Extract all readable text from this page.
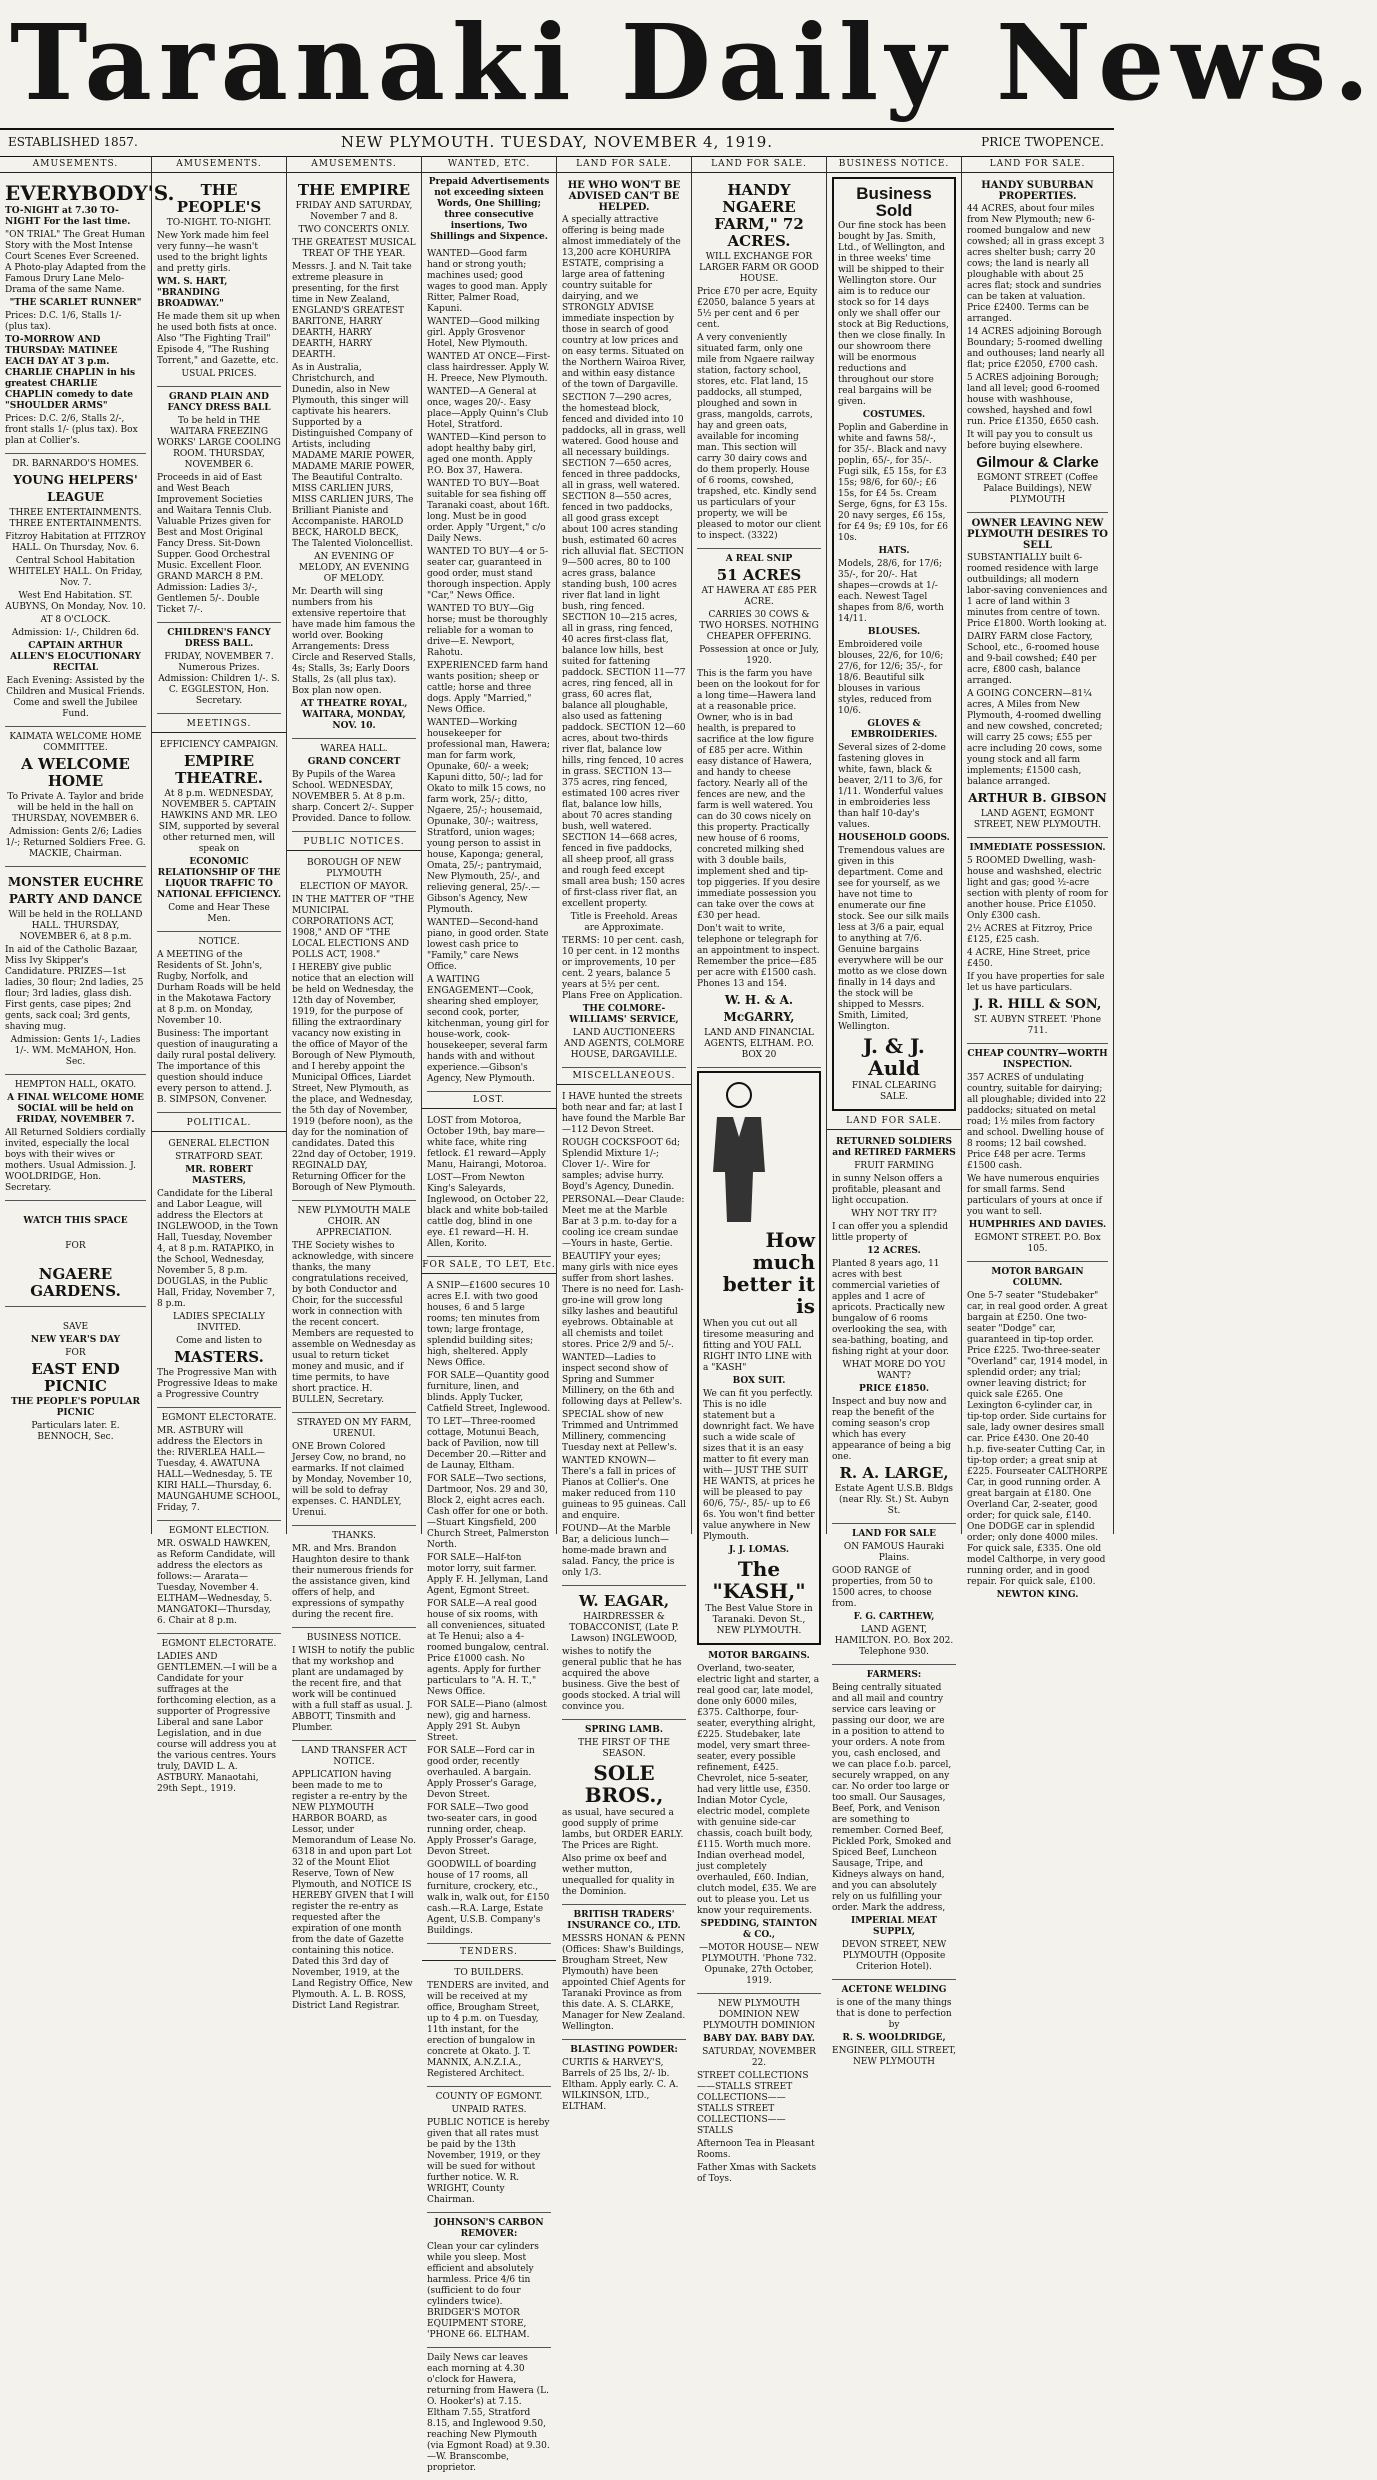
Taranaki Daily News.
ESTABLISHED 1857.	NEW PLYMOUTH. TUESDAY, NOVEMBER 4, 1919.	PRICE TWOPENCE.
AMUSEMENTS.
EVERYBODY'S.

TO-NIGHT at 7.30 TO-NIGHT For the last time.

"ON TRIAL" The Great Human Story with the Most Intense Court Scenes Ever Screened. A Photo-play Adapted from the Famous Drury Lane Melo-Drama of the same Name.

"THE SCARLET RUNNER"

Prices: D.C. 1/6, Stalls 1/- (plus tax).

TO-MORROW AND THURSDAY: MATINEE EACH DAY AT 3 p.m. CHARLIE CHAPLIN in his greatest CHARLIE CHAPLIN comedy to date "SHOULDER ARMS"

Prices: D.C. 2/6, Stalls 2/-, front stalls 1/- (plus tax). Box plan at Collier's.

DR. BARNARDO'S HOMES.

YOUNG HELPERS' LEAGUE

THREE ENTERTAINMENTS. THREE ENTERTAINMENTS.

Fitzroy Habitation at FITZROY HALL. On Thursday, Nov. 6.

Central School Habitation WHITELEY HALL. On Friday, Nov. 7.

West End Habitation. ST. AUBYNS, On Monday, Nov. 10.

AT 8 O'CLOCK.

Admission: 1/-, Children 6d.

CAPTAIN ARTHUR ALLEN'S ELOCUTIONARY RECITAL

Each Evening: Assisted by the Children and Musical Friends. Come and swell the Jubilee Fund.

KAIMATA WELCOME HOME COMMITTEE.

A WELCOME HOME

To Private A. Taylor and bride will be held in the hall on THURSDAY, NOVEMBER 6.

Admission: Gents 2/6; Ladies 1/-; Returned Soldiers Free. G. MACKIE, Chairman.

MONSTER EUCHRE PARTY AND DANCE

Will be held in the ROLLAND HALL. THURSDAY, NOVEMBER 6, at 8 p.m.

In aid of the Catholic Bazaar, Miss Ivy Skipper's Candidature. PRIZES—1st ladies, 30 flour; 2nd ladies, 25 flour; 3rd ladies, glass dish. First gents, case pipes; 2nd gents, sack coal; 3rd gents, shaving mug.

Admission: Gents 1/-, Ladies 1/-. WM. McMAHON, Hon. Sec.

HEMPTON HALL, OKATO.

A FINAL WELCOME HOME SOCIAL will be held on FRIDAY, NOVEMBER 7.

All Returned Soldiers cordially invited, especially the local boys with their wives or mothers. Usual Admission. J. WOOLDRIDGE, Hon. Secretary.

WATCH THIS SPACE

FOR

NGAERE GARDENS.

SAVE

NEW YEAR'S DAY

FOR

EAST END PICNIC

THE PEOPLE'S POPULAR PICNIC

Particulars later. E. BENNOCH, Sec.

AMUSEMENTS.
THE PEOPLE'S

TO-NIGHT. TO-NIGHT.

New York made him feel very funny—he wasn't used to the bright lights and pretty girls.

WM. S. HART, "BRANDING BROADWAY."

He made them sit up when he used both fists at once. Also "The Fighting Trail" Episode 4, "The Rushing Torrent," and Gazette, etc.

USUAL PRICES.

GRAND PLAIN AND FANCY DRESS BALL

To be held in THE WAITARA FREEZING WORKS' LARGE COOLING ROOM. THURSDAY, NOVEMBER 6.

Proceeds in aid of East and West Beach Improvement Societies and Waitara Tennis Club. Valuable Prizes given for Best and Most Original Fancy Dress. Sit-Down Supper. Good Orchestral Music. Excellent Floor. GRAND MARCH 8 P.M. Admission: Ladies 3/-, Gentlemen 5/-. Double Ticket 7/-.

CHILDREN'S FANCY DRESS BALL.

FRIDAY, NOVEMBER 7. Numerous Prizes. Admission: Children 1/-. S. C. EGGLESTON, Hon. Secretary.

MEETINGS.

EFFICIENCY CAMPAIGN.

EMPIRE THEATRE.

At 8 p.m. WEDNESDAY, NOVEMBER 5. CAPTAIN HAWKINS AND MR. LEO SIM, supported by several other returned men, will speak on

ECONOMIC RELATIONSHIP OF THE LIQUOR TRAFFIC TO NATIONAL EFFICIENCY.

Come and Hear These Men.

NOTICE.

A MEETING of the Residents of St. John's, Rugby, Norfolk, and Durham Roads will be held in the Makotawa Factory at 8 p.m. on Monday, November 10.

Business: The important question of inaugurating a daily rural postal delivery. The importance of this question should induce every person to attend. J. B. SIMPSON, Convener.

POLITICAL.

GENERAL ELECTION

STRATFORD SEAT.

MR. ROBERT MASTERS,

Candidate for the Liberal and Labor League, will address the Electors at INGLEWOOD, in the Town Hall, Tuesday, November 4, at 8 p.m. RATAPIKO, in the School, Wednesday, November 5, 8 p.m. DOUGLAS, in the Public Hall, Friday, November 7, 8 p.m.

LADIES SPECIALLY INVITED.

Come and listen to

MASTERS.

The Progressive Man with Progressive Ideas to make a Progressive Country

EGMONT ELECTORATE.

MR. ASTBURY will address the Electors in the: RIVERLEA HALL—Tuesday, 4. AWATUNA HALL—Wednesday, 5. TE KIRI HALL—Thursday, 6. MAUNGAHUME SCHOOL, Friday, 7.

EGMONT ELECTION.

MR. OSWALD HAWKEN, as Reform Candidate, will address the electors as follows:— Ararata—Tuesday, November 4. ELTHAM—Wednesday, 5. MANGATOKI—Thursday, 6. Chair at 8 p.m.

EGMONT ELECTORATE.

LADIES AND GENTLEMEN.—I will be a Candidate for your suffrages at the forthcoming election, as a supporter of Progressive Liberal and sane Labor Legislation, and in due course will address you at the various centres. Yours truly, DAVID L. A. ASTBURY. Manaotahi, 29th Sept., 1919.

AMUSEMENTS.
THE EMPIRE

FRIDAY AND SATURDAY, November 7 and 8.

TWO CONCERTS ONLY.

THE GREATEST MUSICAL TREAT OF THE YEAR.

Messrs. J. and N. Tait take extreme pleasure in presenting, for the first time in New Zealand, ENGLAND'S GREATEST BARITONE, HARRY DEARTH, HARRY DEARTH, HARRY DEARTH.

As in Australia, Christchurch, and Dunedin, also in New Plymouth, this singer will captivate his hearers. Supported by a Distinguished Company of Artists, including MADAME MARIE POWER, MADAME MARIE POWER, The Beautiful Contralto. MISS CARLIEN JURS, MISS CARLIEN JURS, The Brilliant Pianiste and Accompaniste. HAROLD BECK, HAROLD BECK, The Talented Violoncellist.

AN EVENING OF MELODY, AN EVENING OF MELODY.

Mr. Dearth will sing numbers from his extensive repertoire that have made him famous the world over. Booking Arrangements: Dress Circle and Reserved Stalls, 4s; Stalls, 3s; Early Doors Stalls, 2s (all plus tax). Box plan now open.

AT THEATRE ROYAL, WAITARA, MONDAY, NOV. 10.

WAREA HALL.

GRAND CONCERT

By Pupils of the Warea School. WEDNESDAY, NOVEMBER 5. At 8 p.m. sharp. Concert 2/-. Supper Provided. Dance to follow.

PUBLIC NOTICES.

BOROUGH OF NEW PLYMOUTH

ELECTION OF MAYOR.

IN THE MATTER OF "THE MUNICIPAL CORPORATIONS ACT, 1908," AND OF "THE LOCAL ELECTIONS AND POLLS ACT, 1908."

I HEREBY give public notice that an election will be held on Wednesday, the 12th day of November, 1919, for the purpose of filling the extraordinary vacancy now existing in the office of Mayor of the Borough of New Plymouth, and I hereby appoint the Municipal Offices, Liardet Street, New Plymouth, as the place, and Wednesday, the 5th day of November, 1919 (before noon), as the day for the nomination of candidates. Dated this 22nd day of October, 1919. REGINALD DAY, Returning Officer for the Borough of New Plymouth.

NEW PLYMOUTH MALE CHOIR. AN APPRECIATION.

THE Society wishes to acknowledge, with sincere thanks, the many congratulations received, by both Conductor and Choir, for the successful work in connection with the recent concert. Members are requested to assemble on Wednesday as usual to return ticket money and music, and if time permits, to have short practice. H. BULLEN, Secretary.

STRAYED ON MY FARM, URENUI.

ONE Brown Colored Jersey Cow, no brand, no earmarks. If not claimed by Monday, November 10, will be sold to defray expenses. C. HANDLEY, Urenui.

THANKS.

MR. and Mrs. Brandon Haughton desire to thank their numerous friends for the assistance given, kind offers of help, and expressions of sympathy during the recent fire.

BUSINESS NOTICE.

I WISH to notify the public that my workshop and plant are undamaged by the recent fire, and that work will be continued with a full staff as usual. J. ABBOTT, Tinsmith and Plumber.

LAND TRANSFER ACT NOTICE.

APPLICATION having been made to me to register a re-entry by the NEW PLYMOUTH HARBOR BOARD, as Lessor, under Memorandum of Lease No. 6318 in and upon part Lot 32 of the Mount Eliot Reserve, Town of New Plymouth, and NOTICE IS HEREBY GIVEN that I will register the re-entry as requested after the expiration of one month from the date of Gazette containing this notice. Dated this 3rd day of November, 1919, at the Land Registry Office, New Plymouth. A. L. B. ROSS, District Land Registrar.

WANTED, ETC.

Prepaid Advertisements not exceeding sixteen Words, One Shilling; three consecutive insertions, Two Shillings and Sixpence.

WANTED—Good farm hand or strong youth; machines used; good wages to good man. Apply Ritter, Palmer Road, Kapuni.

WANTED—Good milking girl. Apply Grosvenor Hotel, New Plymouth.

WANTED AT ONCE—First-class hairdresser. Apply W. H. Preece, New Plymouth.

WANTED—A General at once, wages 20/-. Easy place—Apply Quinn's Club Hotel, Stratford.

WANTED—Kind person to adopt healthy baby girl, aged one month. Apply P.O. Box 37, Hawera.

WANTED TO BUY—Boat suitable for sea fishing off Taranaki coast, about 16ft. long. Must be in good order. Apply "Urgent," c/o Daily News.

WANTED TO BUY—4 or 5-seater car, guaranteed in good order, must stand thorough inspection. Apply "Car," News Office.

WANTED TO BUY—Gig horse; must be thoroughly reliable for a woman to drive—E. Newport, Rahotu.

EXPERIENCED farm hand wants position; sheep or cattle; horse and three dogs. Apply "Married," News Office.

WANTED—Working housekeeper for professional man, Hawera; man for farm work, Opunake, 60/- a week; Kapuni ditto, 50/-; lad for Okato to milk 15 cows, no farm work, 25/-; ditto, Ngaere, 25/-; housemaid, Opunake, 30/-; waitress, Stratford, union wages; young person to assist in house, Kaponga; general, Omata, 25/-; pantrymaid, New Plymouth, 25/-, and relieving general, 25/-.—Gibson's Agency, New Plymouth.

WANTED—Second-hand piano, in good order. State lowest cash price to "Family," care News Office.

A WAITING ENGAGEMENT—Cook, shearing shed employer, second cook, porter, kitchenman, young girl for house-work, cook-housekeeper, several farm hands with and without experience.—Gibson's Agency, New Plymouth.

LOST.

LOST from Motoroa, October 19th, bay mare—white face, white ring fetlock. £1 reward—Apply Manu, Hairangi, Motoroa.

LOST—From Newton King's Saleyards, Inglewood, on October 22, black and white bob-tailed cattle dog, blind in one eye. £1 reward—H. H. Allen, Korito.

FOR SALE, TO LET, Etc.

A SNIP—£1600 secures 10 acres E.I. with two good houses, 6 and 5 large rooms; ten minutes from town; large frontage, splendid building sites; high, sheltered. Apply News Office.

FOR SALE—Quantity good furniture, linen, and blinds. Apply Tucker, Catfield Street, Inglewood.

TO LET—Three-roomed cottage, Motunui Beach, back of Pavilion, now till December 20.—Ritter and de Launay, Eltham.

FOR SALE—Two sections, Dartmoor, Nos. 29 and 30, Block 2, eight acres each. Cash offer for one or both.—Stuart Kingsfield, 200 Church Street, Palmerston North.

FOR SALE—Half-ton motor lorry, suit farmer. Apply F. H. Jellyman, Land Agent, Egmont Street.

FOR SALE—A real good house of six rooms, with all conveniences, situated at Te Henui; also a 4-roomed bungalow, central. Price £1000 cash. No agents. Apply for further particulars to "A. H. T.," News Office.

FOR SALE—Piano (almost new), gig and harness. Apply 291 St. Aubyn Street.

FOR SALE—Ford car in good order, recently overhauled. A bargain. Apply Prosser's Garage, Devon Street.

FOR SALE—Two good two-seater cars, in good running order, cheap. Apply Prosser's Garage, Devon Street.

GOODWILL of boarding house of 17 rooms, all furniture, crockery, etc., walk in, walk out, for £150 cash.—R.A. Large, Estate Agent, U.S.B. Company's Buildings.

TENDERS.

TO BUILDERS.

TENDERS are invited, and will be received at my office, Brougham Street, up to 4 p.m. on Tuesday, 11th instant, for the erection of bungalow in concrete at Okato. J. T. MANNIX, A.N.Z.I.A., Registered Architect.

COUNTY OF EGMONT.

UNPAID RATES.

PUBLIC NOTICE is hereby given that all rates must be paid by the 13th November, 1919, or they will be sued for without further notice. W. R. WRIGHT, County Chairman.

JOHNSON'S CARBON REMOVER:

Clean your car cylinders while you sleep. Most efficient and absolutely harmless. Price 4/6 tin (sufficient to do four cylinders twice). BRIDGER'S MOTOR EQUIPMENT STORE, 'PHONE 66. ELTHAM.

Daily News car leaves each morning at 4.30 o'clock for Hawera, returning from Hawera (L. O. Hooker's) at 7.15. Eltham 7.55, Stratford 8.15, and Inglewood 9.50, reaching New Plymouth (via Egmont Road) at 9.30.—W. Branscombe, proprietor.

LAND FOR SALE.

HE WHO WON'T BE ADVISED CAN'T BE HELPED.

A specially attractive offering is being made almost immediately of the 13,200 acre KOHURIPA ESTATE, comprising a large area of fattening country suitable for dairying, and we STRONGLY ADVISE immediate inspection by those in search of good country at low prices and on easy terms. Situated on the Northern Wairoa River, and within easy distance of the town of Dargaville.

SECTION 7—290 acres, the homestead block, fenced and divided into 10 paddocks, all in grass, well watered. Good house and all necessary buildings. SECTION 7—650 acres, fenced in three paddocks, all in grass, well watered. SECTION 8—550 acres, fenced in two paddocks, all good grass except about 100 acres standing bush, estimated 60 acres rich alluvial flat. SECTION 9—500 acres, 80 to 100 acres grass, balance standing bush, 100 acres river flat land in light bush, ring fenced. SECTION 10—215 acres, all in grass, ring fenced, 40 acres first-class flat, balance low hills, best suited for fattening paddock. SECTION 11—77 acres, ring fenced, all in grass, 60 acres flat, balance all ploughable, also used as fattening paddock. SECTION 12—60 acres, about two-thirds river flat, balance low hills, ring fenced, 10 acres in grass. SECTION 13—375 acres, ring fenced, estimated 100 acres river flat, balance low hills, about 70 acres standing bush, well watered. SECTION 14—668 acres, fenced in five paddocks, all sheep proof, all grass and rough feed except small area bush; 150 acres of first-class river flat, an excellent property.

Title is Freehold. Areas are Approximate.

TERMS: 10 per cent. cash, 10 per cent. in 12 months or improvements, 10 per cent. 2 years, balance 5 years at 5½ per cent. Plans Free on Application.

THE COLMORE-WILLIAMS' SERVICE,

LAND AUCTIONEERS AND AGENTS, COLMORE HOUSE, DARGAVILLE.

MISCELLANEOUS.

I HAVE hunted the streets both near and far; at last I have found the Marble Bar—112 Devon Street.

ROUGH COCKSFOOT 6d; Splendid Mixture 1/-; Clover 1/-. Wire for samples; advise hurry. Boyd's Agency, Dunedin.

PERSONAL—Dear Claude: Meet me at the Marble Bar at 3 p.m. to-day for a cooling ice cream sundae—Yours in haste, Gertie.

BEAUTIFY your eyes; many girls with nice eyes suffer from short lashes. There is no need for. Lash-gro-ine will grow long silky lashes and beautiful eyebrows. Obtainable at all chemists and toilet stores. Price 2/9 and 5/-.

WANTED—Ladies to inspect second show of Spring and Summer Millinery, on the 6th and following days at Pellew's.

SPECIAL show of new Trimmed and Untrimmed Millinery, commencing Tuesday next at Pellew's.

WANTED KNOWN—There's a fall in prices of Pianos at Collier's. One maker reduced from 110 guineas to 95 guineas. Call and enquire.

FOUND—At the Marble Bar, a delicious lunch—home-made brawn and salad. Fancy, the price is only 1/3.

W. EAGAR,

HAIRDRESSER & TOBACCONIST, (Late P. Lawson) INGLEWOOD,

wishes to notify the general public that he has acquired the above business. Give the best of goods stocked. A trial will convince you.

SPRING LAMB.

THE FIRST OF THE SEASON.

SOLE BROS.,

as usual, have secured a good supply of prime lambs, but ORDER EARLY. The Prices are Right.

Also prime ox beef and wether mutton, unequalled for quality in the Dominion.

BRITISH TRADERS' INSURANCE CO., LTD.

MESSRS HONAN & PENN (Offices: Shaw's Buildings, Brougham Street, New Plymouth) have been appointed Chief Agents for Taranaki Province as from this date. A. S. CLARKE, Manager for New Zealand. Wellington.

BLASTING POWDER:

CURTIS & HARVEY'S, Barrels of 25 lbs, 2/- lb. Eltham. Apply early. C. A. WILKINSON, LTD., ELTHAM.

LAND FOR SALE.
HANDY NGAERE FARM," 72 ACRES.

WILL EXCHANGE FOR LARGER FARM OR GOOD HOUSE.

Price £70 per acre, Equity £2050, balance 5 years at 5½ per cent and 6 per cent.

A very conveniently situated farm, only one mile from Ngaere railway station, factory school, stores, etc. Flat land, 15 paddocks, all stumped, ploughed and sown in grass, mangolds, carrots, hay and green oats, available for incoming man. This section will carry 30 dairy cows and do them properly. House of 6 rooms, cowshed, trapshed, etc. Kindly send us particulars of your property, we will be pleased to motor our client to inspect. (3322)

A REAL SNIP

51 ACRES

AT HAWERA AT £85 PER ACRE.

CARRIES 30 COWS & TWO HORSES. NOTHING CHEAPER OFFERING.

Possession at once or July, 1920.

This is the farm you have been on the lookout for for a long time—Hawera land at a reasonable price. Owner, who is in bad health, is prepared to sacrifice at the low figure of £85 per acre. Within easy distance of Hawera, and handy to cheese factory. Nearly all of the fences are new, and the farm is well watered. You can do 30 cows nicely on this property. Practically new house of 6 rooms, concreted milking shed with 3 double bails, implement shed and tip-top piggeries. If you desire immediate possession you can take over the cows at £30 per head.

Don't wait to write, telephone or telegraph for an appointment to inspect. Remember the price—£85 per acre with £1500 cash. Phones 13 and 154.

W. H. & A. McGARRY,

LAND AND FINANCIAL AGENTS, ELTHAM. P.O. BOX 20

How much better it is

When you cut out all tiresome measuring and fitting and YOU FALL RIGHT INTO LINE with a "KASH"

BOX SUIT.

We can fit you perfectly. This is no idle statement but a downright fact. We have such a wide scale of sizes that it is an easy matter to fit every man with— JUST THE SUIT HE WANTS, at prices he will be pleased to pay 60/6, 75/-, 85/- up to £6 6s. You won't find better value anywhere in New Plymouth.

J. J. LOMAS.

The "KASH,"

The Best Value Store in Taranaki. Devon St., NEW PLYMOUTH.

MOTOR BARGAINS.

Overland, two-seater, electric light and starter, a real good car, late model, done only 6000 miles, £375. Calthorpe, four-seater, everything alright, £225. Studebaker, late model, very smart three-seater, every possible refinement, £425. Chevrolet, nice 5-seater, had very little use, £350. Indian Motor Cycle, electric model, complete with genuine side-car chassis, coach built body, £115. Worth much more. Indian overhead model, just completely overhauled, £60. Indian, clutch model, £35. We are out to please you. Let us know your requirements.

SPEDDING, STAINTON & CO.,

—MOTOR HOUSE— NEW PLYMOUTH. 'Phone 732. Opunake, 27th October, 1919.

NEW PLYMOUTH DOMINION NEW PLYMOUTH DOMINION

BABY DAY. BABY DAY.

SATURDAY, NOVEMBER 22.

STREET COLLECTIONS——STALLS STREET COLLECTIONS——STALLS STREET COLLECTIONS——STALLS

Afternoon Tea in Pleasant Rooms.

Father Xmas with Sackets of Toys.

BUSINESS NOTICE.
Business Sold

Our fine stock has been bought by Jas. Smith, Ltd., of Wellington, and in three weeks' time will be shipped to their Wellington store. Our aim is to reduce our stock so for 14 days only we shall offer our stock at Big Reductions, then we close finally. In our showroom there will be enormous reductions and throughout our store real bargains will be given.

COSTUMES.

Poplin and Gaberdine in white and fawns 58/-, for 35/-. Black and navy poplin, 65/-, for 35/-. Fugi silk, £5 15s, for £3 15s; 98/6, for 60/-; £6 15s, for £4 5s. Cream Serge, 6gns, for £3 15s. 20 navy serges, £6 15s, for £4 9s; £9 10s, for £6 10s.

HATS.

Models, 28/6, for 17/6; 35/-, for 20/-. Hat shapes—crowds at 1/- each. Newest Tagel shapes from 8/6, worth 14/11.

BLOUSES.

Embroidered voile blouses, 22/6, for 10/6; 27/6, for 12/6; 35/-, for 18/6. Beautiful silk blouses in various styles, reduced from 10/6.

GLOVES & EMBROIDERIES.

Several sizes of 2-dome fastening gloves in white, fawn, black & beaver, 2/11 to 3/6, for 1/11. Wonderful values in embroideries less than half 10-day's values.

HOUSEHOLD GOODS.

Tremendous values are given in this department. Come and see for yourself, as we have not time to enumerate our fine stock. See our silk mails less at 3/6 a pair, equal to anything at 7/6. Genuine bargains everywhere will be our motto as we close down finally in 14 days and the stock will be shipped to Messrs. Smith, Limited, Wellington.

J. & J. Auld

FINAL CLEARING SALE.

LAND FOR SALE.

RETURNED SOLDIERS and RETIRED FARMERS

FRUIT FARMING

in sunny Nelson offers a profitable, pleasant and light occupation.

WHY NOT TRY IT?

I can offer you a splendid little property of

12 ACRES.

Planted 8 years ago, 11 acres with best commercial varieties of apples and 1 acre of apricots. Practically new bungalow of 6 rooms overlooking the sea, with sea-bathing, boating, and fishing right at your door.

WHAT MORE DO YOU WANT?

PRICE £1850.

Inspect and buy now and reap the benefit of the coming season's crop which has every appearance of being a big one.

R. A. LARGE,

Estate Agent U.S.B. Bldgs (near Rly. St.) St. Aubyn St.

LAND FOR SALE

ON FAMOUS Hauraki Plains.

GOOD RANGE of properties, from 50 to 1500 acres, to choose from.

F. G. CARTHEW,

LAND AGENT, HAMILTON. P.O. Box 202. Telephone 930.

FARMERS:

Being centrally situated and all mail and country service cars leaving or passing our door, we are in a position to attend to your orders. A note from you, cash enclosed, and we can place f.o.b. parcel, securely wrapped, on any car. No order too large or too small. Our Sausages, Beef, Pork, and Venison are something to remember. Corned Beef, Pickled Pork, Smoked and Spiced Beef, Luncheon Sausage, Tripe, and Kidneys always on hand, and you can absolutely rely on us fulfilling your order. Mark the address,

IMPERIAL MEAT SUPPLY,

DEVON STREET, NEW PLYMOUTH (Opposite Criterion Hotel).

ACETONE WELDING

is one of the many things that is done to perfection by

R. S. WOOLDRIDGE,

ENGINEER, GILL STREET, NEW PLYMOUTH

LAND FOR SALE.

HANDY SUBURBAN PROPERTIES.

44 ACRES, about four miles from New Plymouth; new 6-roomed bungalow and new cowshed; all in grass except 3 acres shelter bush; carry 20 cows; the land is nearly all ploughable with about 25 acres flat; stock and sundries can be taken at valuation. Price £2400. Terms can be arranged.

14 ACRES adjoining Borough Boundary; 5-roomed dwelling and outhouses; land nearly all flat; price £2050, £700 cash.

5 ACRES adjoining Borough; land all level; good 6-roomed house with washhouse, cowshed, hayshed and fowl run. Price £1350, £650 cash.

It will pay you to consult us before buying elsewhere.

Gilmour & Clarke

EGMONT STREET (Coffee Palace Buildings), NEW PLYMOUTH

OWNER LEAVING NEW PLYMOUTH DESIRES TO SELL

SUBSTANTIALLY built 6-roomed residence with large outbuildings; all modern labor-saving conveniences and 1 acre of land within 3 minutes from centre of town. Price £1800. Worth looking at.

DAIRY FARM close Factory, School, etc., 6-roomed house and 9-bail cowshed; £40 per acre, £800 cash, balance arranged.

A GOING CONCERN—81¼ acres, A Miles from New Plymouth, 4-roomed dwelling and new cowshed, concreted; will carry 25 cows; £55 per acre including 20 cows, some young stock and all farm implements; £1500 cash, balance arranged.

ARTHUR B. GIBSON

LAND AGENT, EGMONT STREET, NEW PLYMOUTH.

IMMEDIATE POSSESSION.

5 ROOMED Dwelling, wash-house and washshed, electric light and gas; good ½-acre section with plenty of room for another house. Price £1050. Only £300 cash.

2½ ACRES at Fitzroy, Price £125, £25 cash.

4 ACRE, Hine Street, price £450.

If you have properties for sale let us have particulars.

J. R. HILL & SON,

ST. AUBYN STREET. 'Phone 711.

CHEAP COUNTRY—WORTH INSPECTION.

357 ACRES of undulating country, suitable for dairying; all ploughable; divided into 22 paddocks; situated on metal road; 1½ miles from factory and school. Dwelling house of 8 rooms; 12 bail cowshed. Price £48 per acre. Terms £1500 cash.

We have numerous enquiries for small farms. Send particulars of yours at once if you want to sell.

HUMPHRIES AND DAVIES.

EGMONT STREET. P.O. Box 105.

MOTOR BARGAIN COLUMN.

One 5-7 seater "Studebaker" car, in real good order. A great bargain at £250. One two-seater "Dodge" car, guaranteed in tip-top order. Price £225. Two-three-seater "Overland" car, 1914 model, in splendid order; any trial; owner leaving district; for quick sale £265. One Lexington 6-cylinder car, in tip-top order. Side curtains for sale, lady owner desires small car. Price £430. One 20-40 h.p. five-seater Cutting Car, in tip-top order; a great snip at £225. Fourseater CALTHORPE Car, in good running order. A great bargain at £180. One Overland Car, 2-seater, good order; for quick sale, £140. One DODGE car in splendid order; only done 4000 miles. For quick sale, £335. One old model Calthorpe, in very good running order, and in good repair. For quick sale, £100.

NEWTON KING.
